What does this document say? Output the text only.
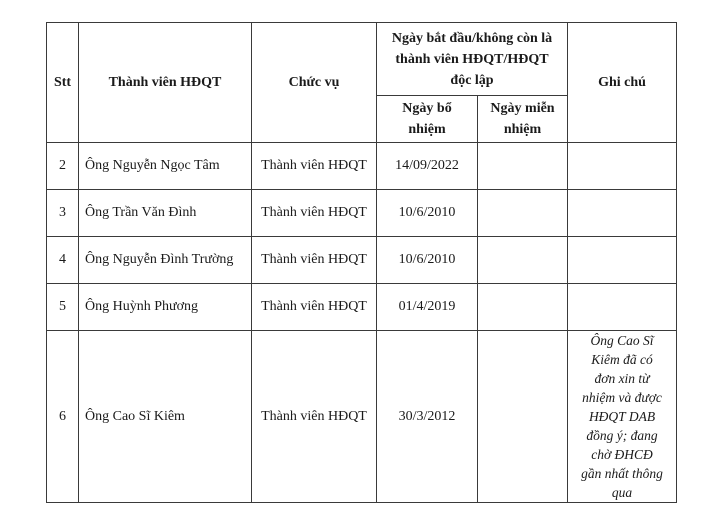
Stt	Thành viên HĐQT	Chức vụ	Ngày bắt đầu/không còn là thành viên HĐQT/HĐQT độc lập		Ghi chú
			Ngày bổ nhiệm	Ngày miễn nhiệm	
2	Ông Nguyễn Ngọc Tâm	Thành viên HĐQT	14/09/2022		
3	Ông Trần Văn Đình	Thành viên HĐQT	10/6/2010		
4	Ông Nguyễn Đình Trường	Thành viên HĐQT	10/6/2010		
5	Ông Huỳnh Phương	Thành viên HĐQT	01/4/2019		
6	Ông Cao Sĩ Kiêm	Thành viên HĐQT	30/3/2012		Ông Cao Sĩ Kiêm đã có đơn xin từ nhiệm và được HĐQT DAB đồng ý; đang chờ ĐHCĐ gần nhất thông qua
